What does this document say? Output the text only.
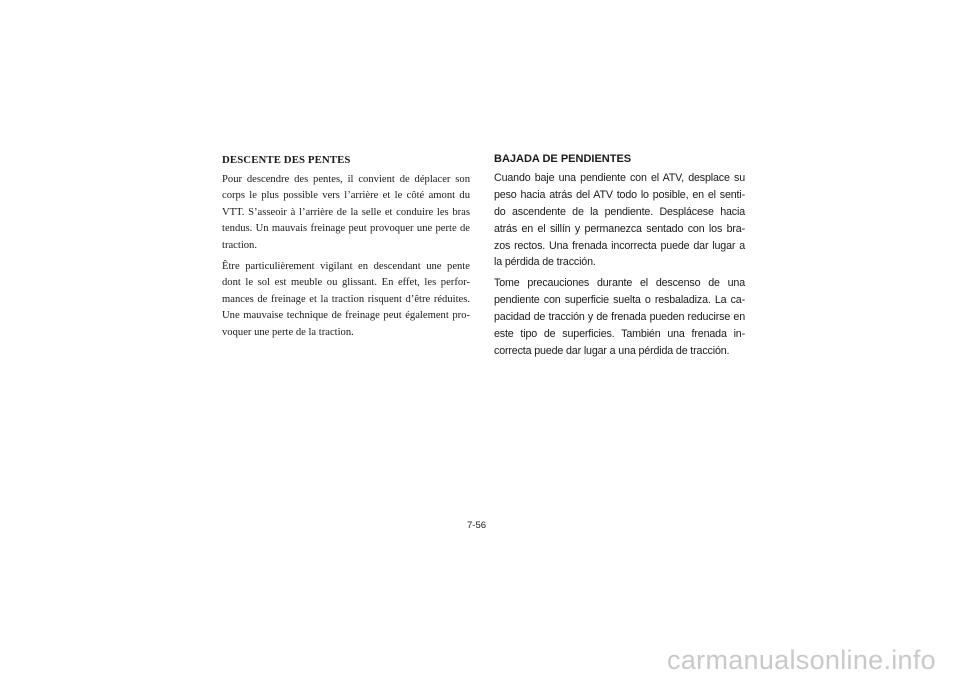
DESCENTE DES PENTES

Pour descendre des pentes, il convient de déplacer son corps le plus possible vers l’arrière et le côté amont du VTT. S’asseoir à l’arrière de la selle et conduire les bras tendus. Un mauvais freinage peut provoquer une perte de traction.

Être particulièrement vigilant en descendant une pente dont le sol est meuble ou glissant. En effet, les perfor-mances de freinage et la traction risquent d’être réduites. Une mauvaise technique de freinage peut également pro-voquer une perte de la traction.

BAJADA DE PENDIENTES

Cuando baje una pendiente con el ATV, desplace su peso hacia atrás del ATV todo lo posible, en el senti-do ascendente de la pendiente. Desplácese hacia atrás en el sillín y permanezca sentado con los bra-zos rectos. Una frenada incorrecta puede dar lugar a la pérdida de tracción.

Tome precauciones durante el descenso de una pendiente con superficie suelta o resbaladiza. La ca-pacidad de tracción y de frenada pueden reducirse en este tipo de superficies. También una frenada in-correcta puede dar lugar a una pérdida de tracción.

7-56
carmanualsonline.info
